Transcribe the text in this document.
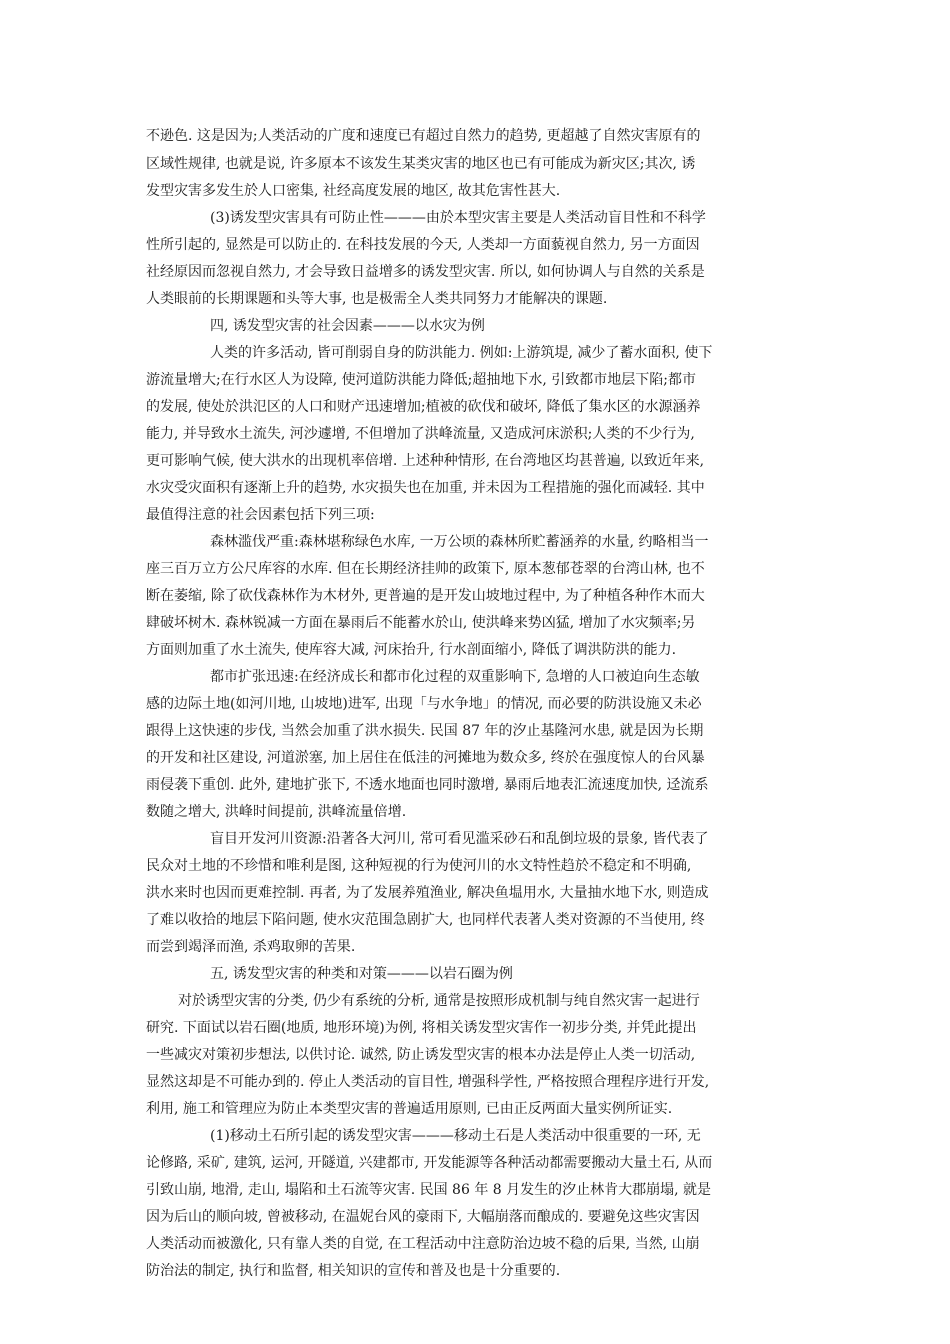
不逊色. 这是因为;人类活动的广度和速度已有超过自然力的趋势, 更超越了自然灾害原有的
区域性规律, 也就是说, 许多原本不该发生某类灾害的地区也已有可能成为新灾区;其次, 诱
发型灾害多发生於人口密集, 社经高度发展的地区, 故其危害性甚大.
(3)诱发型灾害具有可防止性———由於本型灾害主要是人类活动盲目性和不科学
性所引起的, 显然是可以防止的. 在科技发展的今天, 人类却一方面藐视自然力, 另一方面因
社经原因而忽视自然力, 才会导致日益增多的诱发型灾害. 所以, 如何协调人与自然的关系是
人类眼前的长期课题和头等大事, 也是极需全人类共同努力才能解决的课题.
四, 诱发型灾害的社会因素———以水灾为例
人类的许多活动, 皆可削弱自身的防洪能力. 例如:上游筑堤, 减少了蓄水面积, 使下
游流量增大;在行水区人为设障, 使河道防洪能力降低;超抽地下水, 引致都市地层下陷;都市
的发展, 使处於洪氾区的人口和财产迅速增加;植被的砍伐和破坏, 降低了集水区的水源涵养
能力, 并导致水土流失, 河沙遽增, 不但增加了洪峰流量, 又造成河床淤积;人类的不少行为,
更可影响气候, 使大洪水的出现机率倍增. 上述种种情形, 在台湾地区均甚普遍, 以致近年来,
水灾受灾面积有逐渐上升的趋势, 水灾损失也在加重, 并未因为工程措施的强化而减轻. 其中
最值得注意的社会因素包括下列三项:
森林滥伐严重:森林堪称绿色水库, 一万公顷的森林所贮蓄涵养的水量, 约略相当一
座三百万立方公尺库容的水库. 但在长期经济挂帅的政策下, 原本葱郁苍翠的台湾山林, 也不
断在萎缩, 除了砍伐森林作为木材外, 更普遍的是开发山坡地过程中, 为了种植各种作木而大
肆破坏树木. 森林锐减一方面在暴雨后不能蓄水於山, 使洪峰来势凶猛, 增加了水灾频率;另
方面则加重了水土流失, 使库容大减, 河床抬升, 行水剖面缩小, 降低了调洪防洪的能力.
都市扩张迅速:在经济成长和都市化过程的双重影响下, 急增的人口被迫向生态敏
感的边际土地(如河川地, 山坡地)进军, 出现「与水争地」的情况, 而必要的防洪设施又未必
跟得上这快速的步伐, 当然会加重了洪水损失. 民国 87 年的汐止基隆河水患, 就是因为长期
的开发和社区建设, 河道淤塞, 加上居住在低洼的河摊地为数众多, 终於在强度惊人的台风暴
雨侵袭下重创. 此外, 建地扩张下, 不透水地面也同时激增, 暴雨后地表汇流速度加快, 迳流系
数随之增大, 洪峰时间提前, 洪峰流量倍增.
盲目开发河川资源:沿著各大河川, 常可看见滥采砂石和乱倒垃圾的景象, 皆代表了
民众对土地的不珍惜和唯利是图, 这种短视的行为使河川的水文特性趋於不稳定和不明确,
洪水来时也因而更难控制. 再者, 为了发展养殖渔业, 解决鱼塭用水, 大量抽水地下水, 则造成
了难以收拾的地层下陷问题, 使水灾范围急剧扩大, 也同样代表著人类对资源的不当使用, 终
而尝到竭泽而渔, 杀鸡取卵的苦果.
五, 诱发型灾害的种类和对策———以岩石圈为例
对於诱型灾害的分类, 仍少有系统的分析, 通常是按照形成机制与纯自然灾害一起进行
研究. 下面试以岩石圈(地质, 地形环境)为例, 将相关诱发型灾害作一初步分类, 并凭此提出
一些减灾对策初步想法, 以供讨论. 诚然, 防止诱发型灾害的根本办法是停止人类一切活动,
显然这却是不可能办到的. 停止人类活动的盲目性, 增强科学性, 严格按照合理程序进行开发,
利用, 施工和管理应为防止本类型灾害的普遍适用原则, 已由正反两面大量实例所证实.
(1)移动土石所引起的诱发型灾害———移动土石是人类活动中很重要的一环, 无
论修路, 采矿, 建筑, 运河, 开隧道, 兴建都市, 开发能源等各种活动都需要搬动大量土石, 从而
引致山崩, 地滑, 走山, 塌陷和土石流等灾害. 民国 86 年 8 月发生的汐止林肯大郡崩塌, 就是
因为后山的顺向坡, 曾被移动, 在温妮台风的豪雨下, 大幅崩落而酿成的. 要避免这些灾害因
人类活动而被激化, 只有靠人类的自觉, 在工程活动中注意防治边坡不稳的后果, 当然, 山崩
防治法的制定, 执行和监督, 相关知识的宣传和普及也是十分重要的.
